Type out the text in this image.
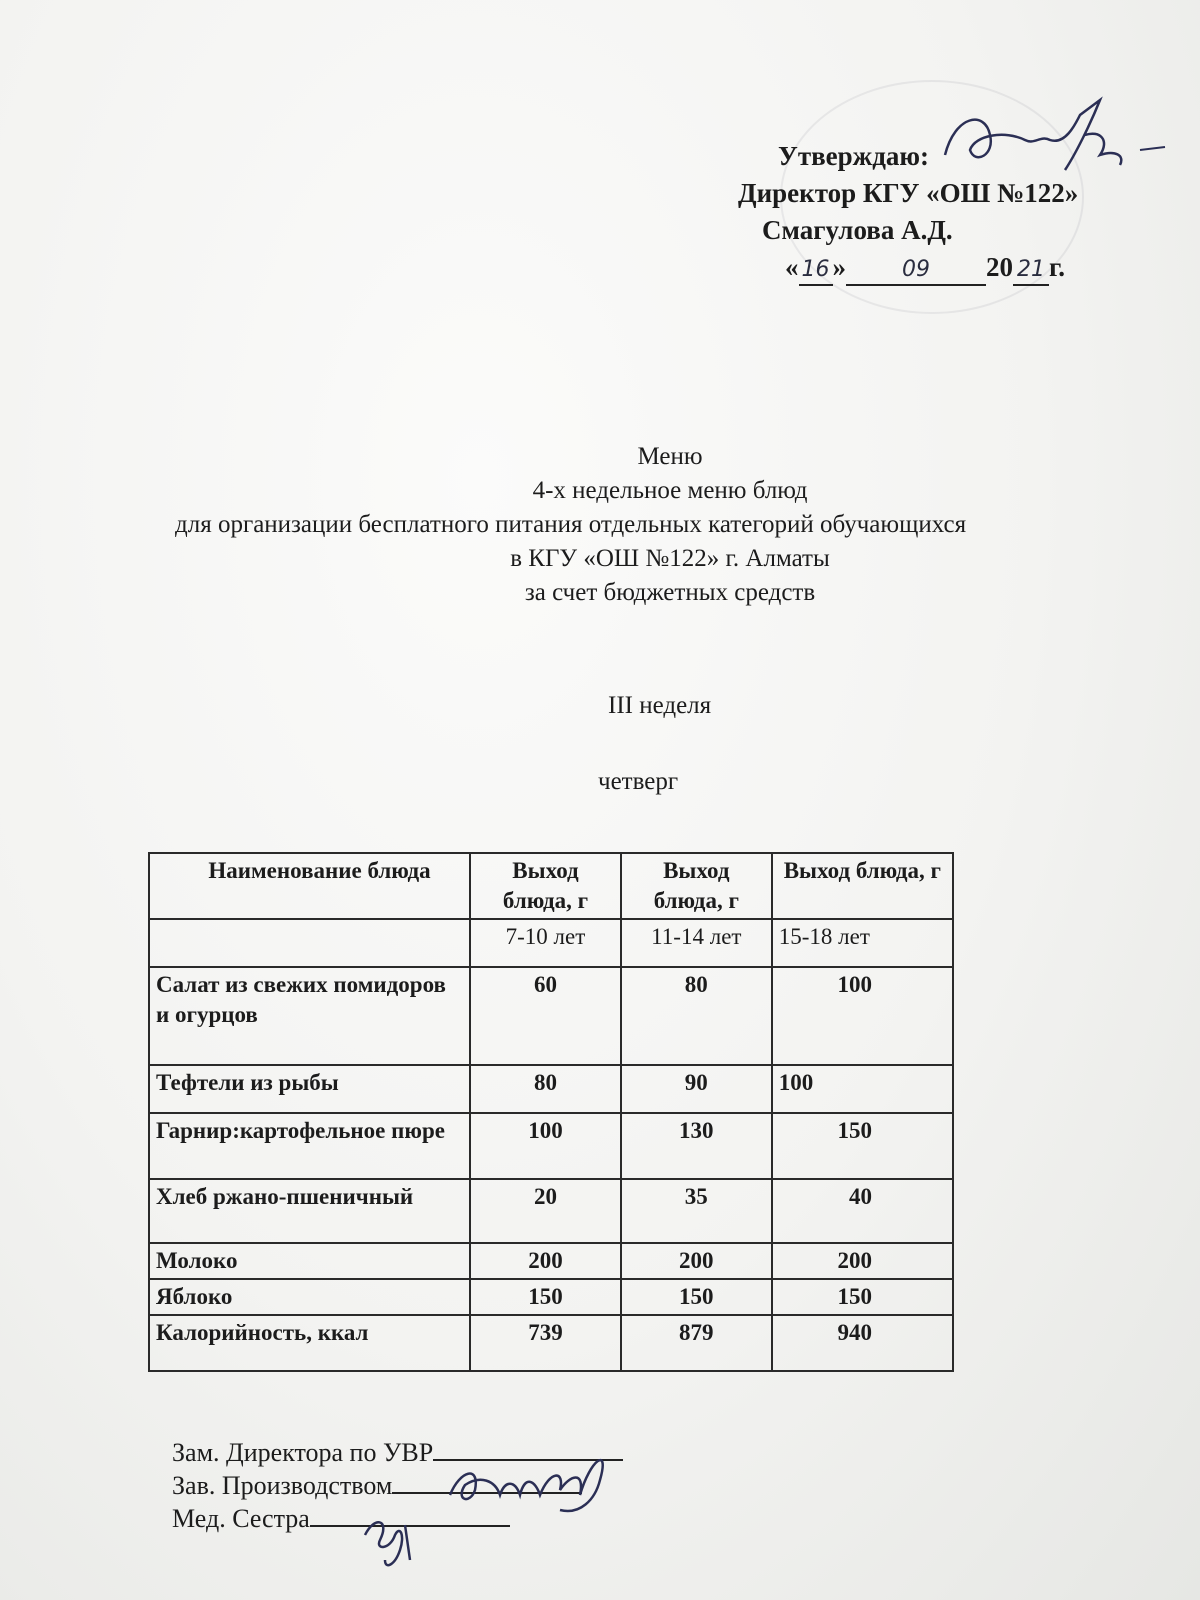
Утверждаю:
Директор КГУ «ОШ №122»
Смагулова А.Д.
« 16 »	09 20 21 г.
Меню
4-х недельное меню блюд
для организации бесплатного питания отдельных категорий обучающихся
в КГУ «ОШ №122» г. Алматы
за счет бюджетных средств
III неделя
четверг
Наименование блюда	Выход блюда, г	Выход блюда, г	Выход блюда, г
	7-10 лет	11-14 лет	15-18 лет
Салат из свежих помидоров и огурцов	60	80	100
Тефтели из рыбы	80	90	100
Гарнир:картофельное пюре	100	130	150
Хлеб ржано-пшеничный	20	35	40
Молоко	200	200	200
Яблоко	150	150	150
Калорийность, ккал	739	879	940
Зам. Директора по УВР
Зав. Производством
Мед. Сестра
